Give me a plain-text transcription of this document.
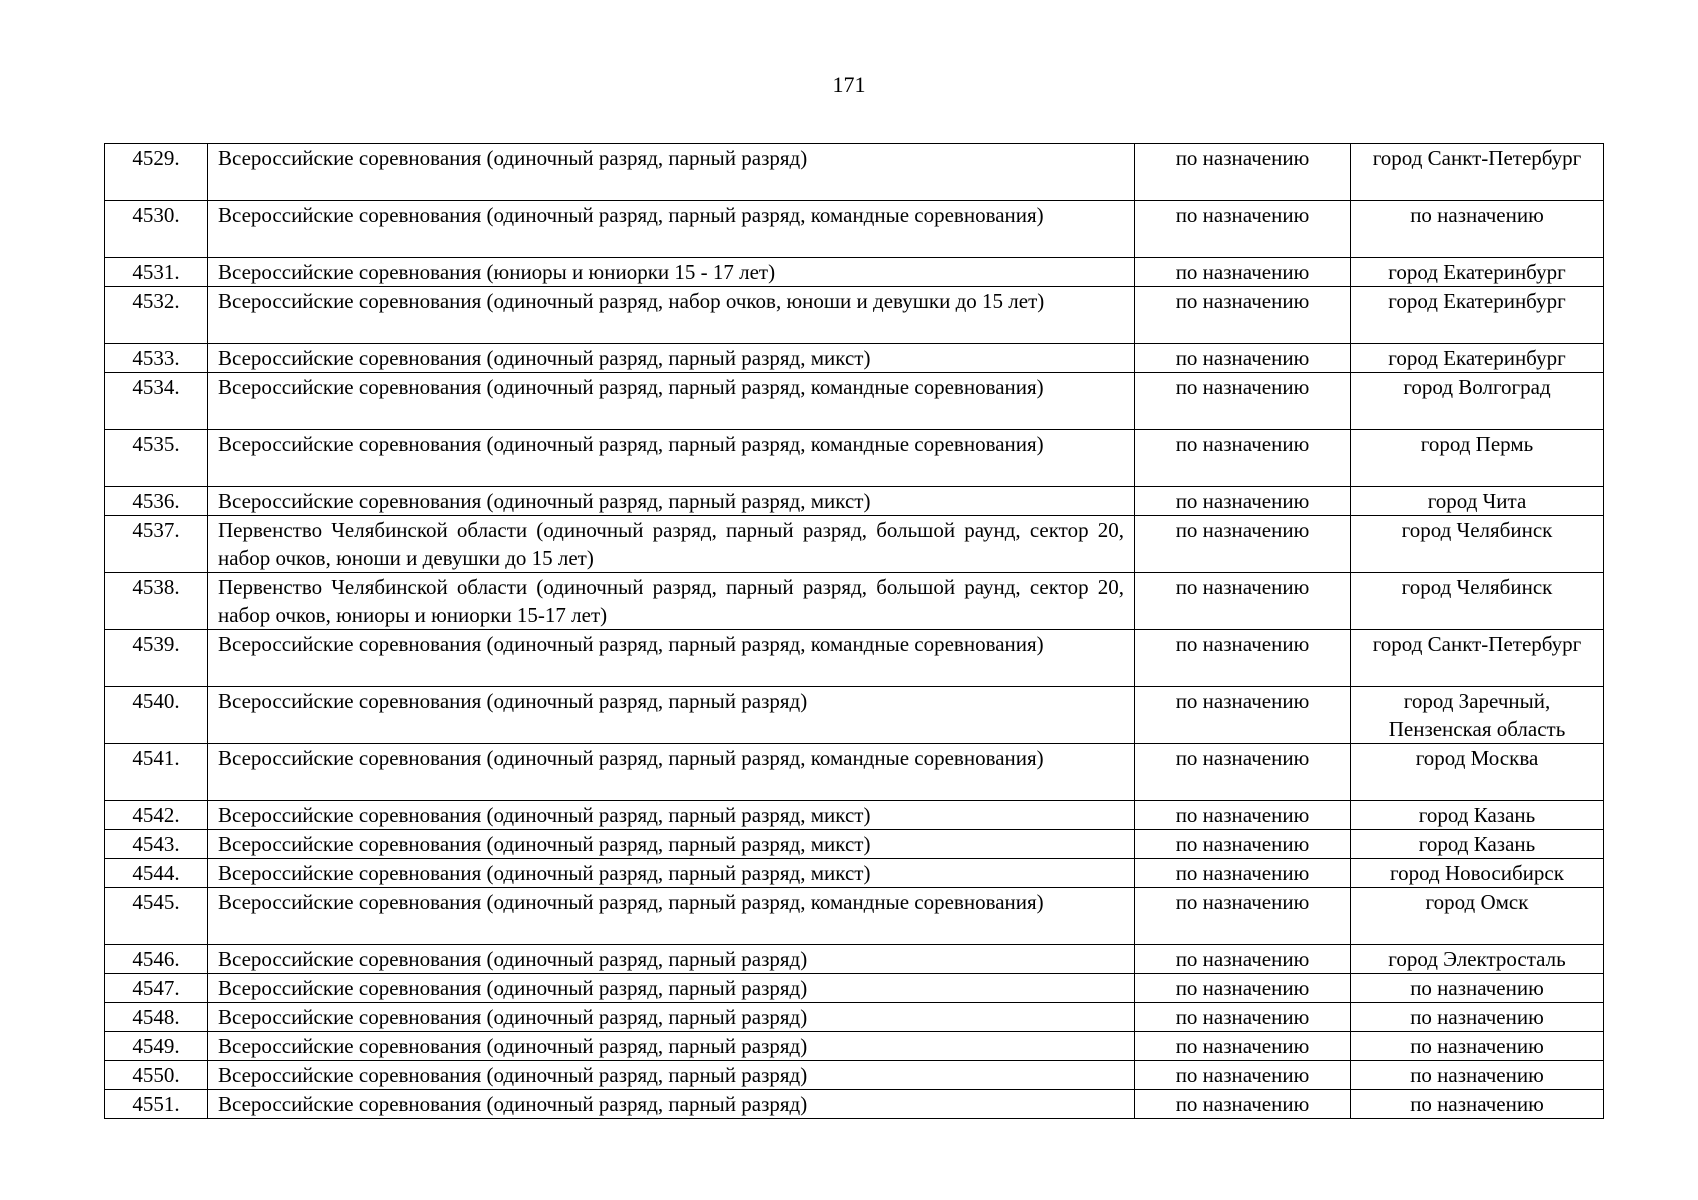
171
4529.	Всероссийские соревнования (одиночный разряд, парный разряд)	по назначению	город Санкт-Петербург
4530.	Всероссийские соревнования (одиночный разряд, парный разряд, командные соревнования)	по назначению	по назначению
4531.	Всероссийские соревнования (юниоры и юниорки 15 - 17 лет)	по назначению	город Екатеринбург
4532.	Всероссийские соревнования (одиночный разряд, набор очков, юноши и девушки до 15 лет)	по назначению	город Екатеринбург
4533.	Всероссийские соревнования (одиночный разряд, парный разряд, микст)	по назначению	город Екатеринбург
4534.	Всероссийские соревнования (одиночный разряд, парный разряд, командные соревнования)	по назначению	город Волгоград
4535.	Всероссийские соревнования (одиночный разряд, парный разряд, командные соревнования)	по назначению	город Пермь
4536.	Всероссийские соревнования (одиночный разряд, парный разряд, микст)	по назначению	город Чита
4537.	Первенство Челябинской области (одиночный разряд, парный разряд, большой раунд, сектор 20, набор очков, юноши и девушки до 15 лет)	по назначению	город Челябинск
4538.	Первенство Челябинской области (одиночный разряд, парный разряд, большой раунд, сектор 20, набор очков, юниоры и юниорки 15-17 лет)	по назначению	город Челябинск
4539.	Всероссийские соревнования (одиночный разряд, парный разряд, командные соревнования)	по назначению	город Санкт-Петербург
4540.	Всероссийские соревнования (одиночный разряд, парный разряд)	по назначению	город Заречный, Пензенская область
4541.	Всероссийские соревнования (одиночный разряд, парный разряд, командные соревнования)	по назначению	город Москва
4542.	Всероссийские соревнования (одиночный разряд, парный разряд, микст)	по назначению	город Казань
4543.	Всероссийские соревнования (одиночный разряд, парный разряд, микст)	по назначению	город Казань
4544.	Всероссийские соревнования (одиночный разряд, парный разряд, микст)	по назначению	город Новосибирск
4545.	Всероссийские соревнования (одиночный разряд, парный разряд, командные соревнования)	по назначению	город Омск
4546.	Всероссийские соревнования (одиночный разряд, парный разряд)	по назначению	город Электросталь
4547.	Всероссийские соревнования (одиночный разряд, парный разряд)	по назначению	по назначению
4548.	Всероссийские соревнования (одиночный разряд, парный разряд)	по назначению	по назначению
4549.	Всероссийские соревнования (одиночный разряд, парный разряд)	по назначению	по назначению
4550.	Всероссийские соревнования (одиночный разряд, парный разряд)	по назначению	по назначению
4551.	Всероссийские соревнования (одиночный разряд, парный разряд)	по назначению	по назначению
